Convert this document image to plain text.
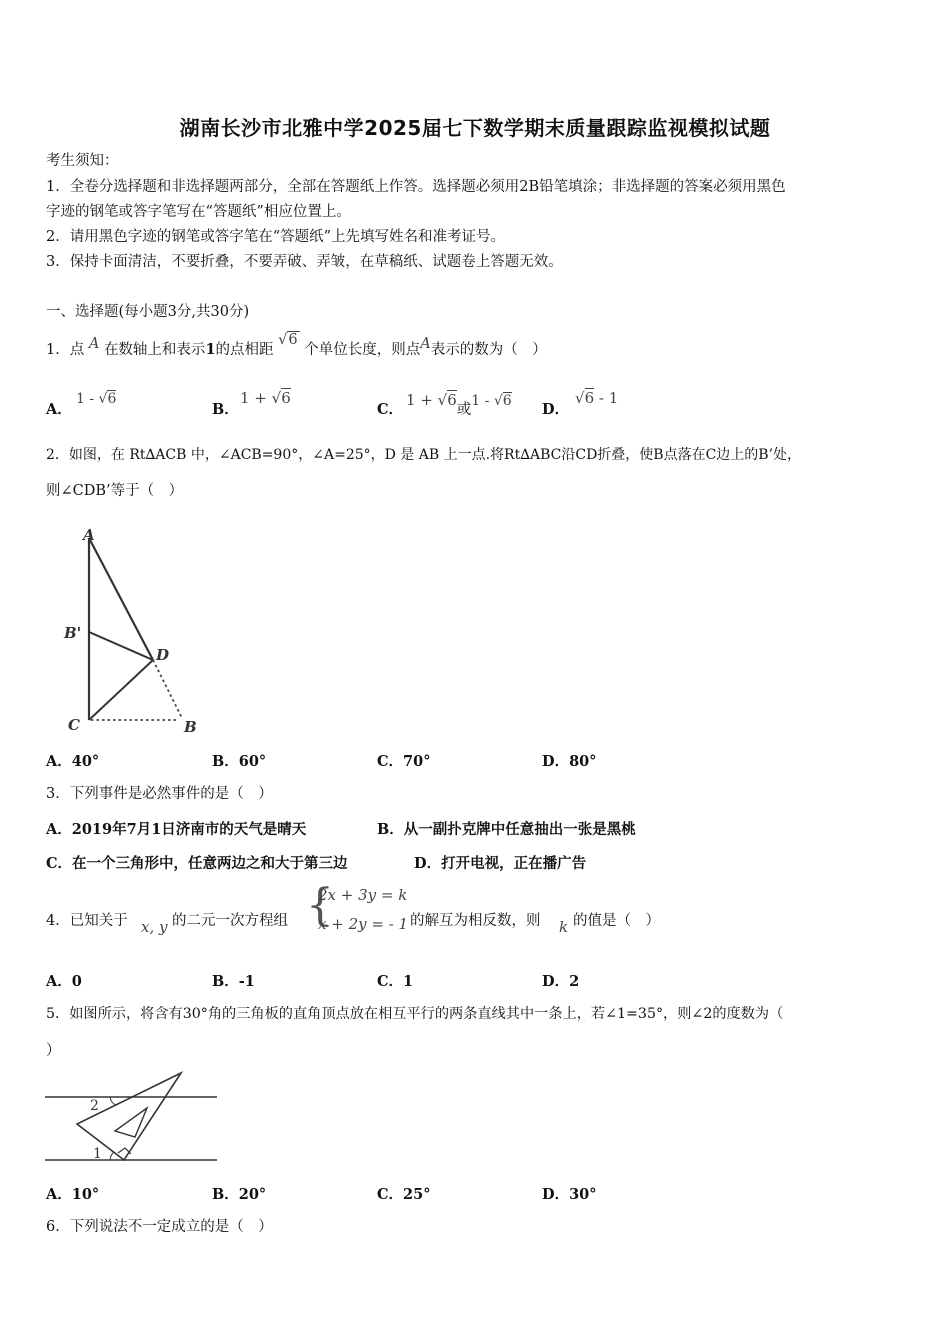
湖南长沙市北雅中学2025届七下数学期末质量跟踪监视模拟试题
考生须知：
1．全卷分选择题和非选择题两部分，全部在答题纸上作答。选择题必须用2B铅笔填涂；非选择题的答案必须用黑色
字迹的钢笔或答字笔写在“答题纸”相应位置上。
2．请用黑色字迹的钢笔或答字笔在“答题纸”上先填写姓名和准考证号。
3．保持卡面清洁，不要折叠，不要弄破、弄皱，在草稿纸、试题卷上答题无效。
一、选择题(每小题3分,共30分)
1．点 A 在数轴上和表示1的点相距 √6 个单位长度，则点A表示的数为（　）
A．
1 - √6
B．
1 + √6
C．
1 + √6或1 - √6 D．
√6 - 1
2．如图，在 Rt∆ACB 中，∠ACB=90°，∠A=25°，D 是 AB 上一点.将Rt∆ABC沿CD折叠，使B点落在C边上的B’处，
则∠CDB’等于（　）
A
B'
D
C	B
A．40°	B．60°	C．70°	D．80°
3．下列事件是必然事件的是（　）
A．2019年7月1日济南市的天气是晴天	B．从一副扑克牌中任意抽出一张是黑桃
C．在一个三角形中，任意两边之和大于第三边	D．打开电视，正在播广告
4．已知关于 x, y 的二元一次方程组 {
2x + 3y = k
x + 2y = - 1 的解互为相反数，则 k 的值是（　）
A．0	B．-1	C．1	D．2
5．如图所示，将含有30°角的三角板的直角顶点放在相互平行的两条直线其中一条上，若∠1=35°，则∠2的度数为（
）
1
2
A．10°	B．20°	C．25°	D．30°
6．下列说法不一定成立的是（　）
